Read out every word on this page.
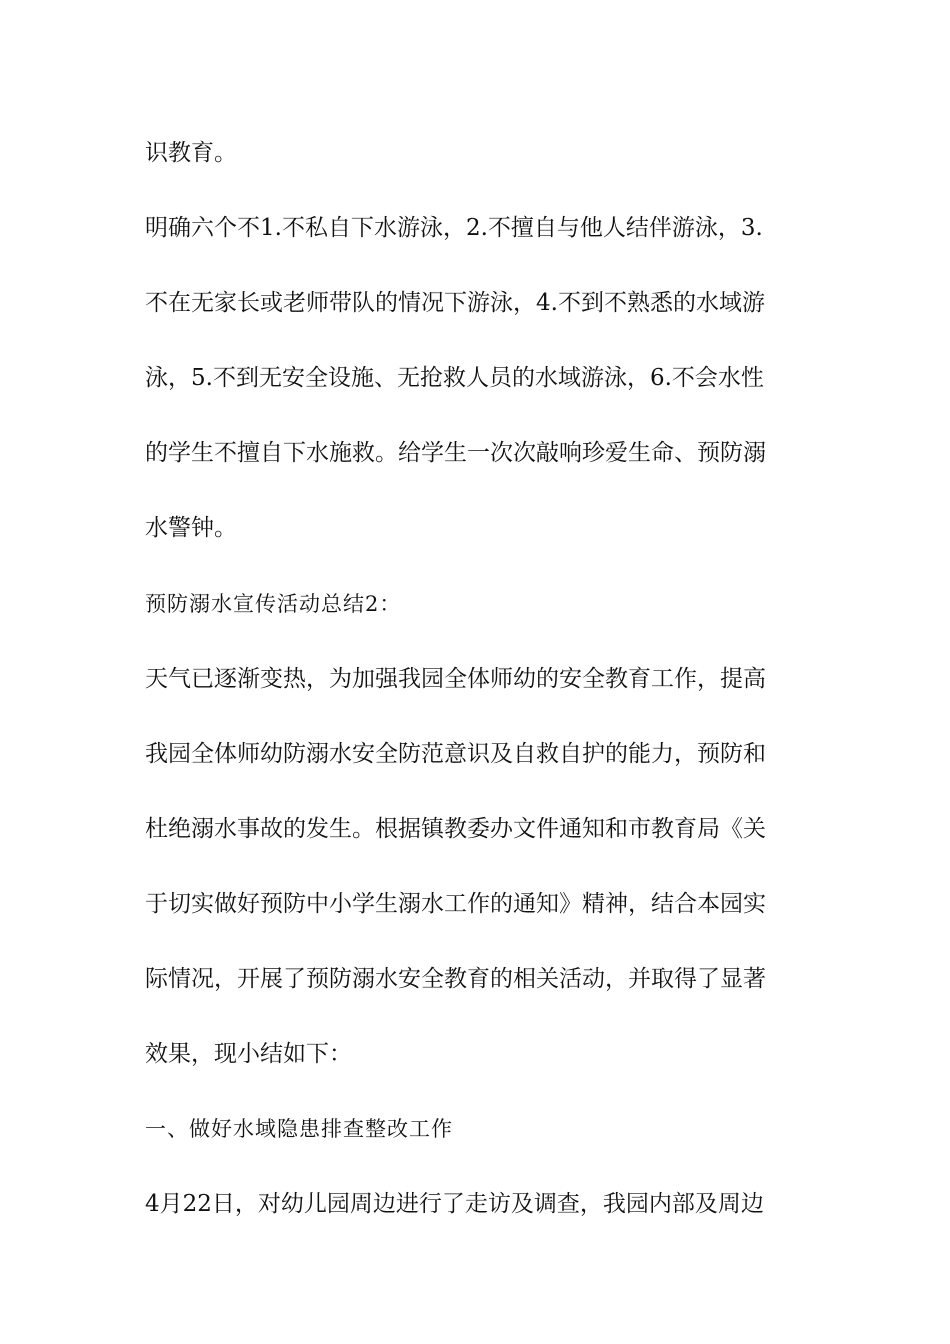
识教育。
明确六个不1.不私自下水游泳，2.不擅自与他人结伴游泳，3.
不在无家长或老师带队的情况下游泳，4.不到不熟悉的水域游
泳，5.不到无安全设施、无抢救人员的水域游泳，6.不会水性
的学生不擅自下水施救。给学生一次次敲响珍爱生命、预防溺
水警钟。
预防溺水宣传活动总结2：
天气已逐渐变热，为加强我园全体师幼的安全教育工作，提高
我园全体师幼防溺水安全防范意识及自救自护的能力，预防和
杜绝溺水事故的发生。根据镇教委办文件通知和市教育局《关
于切实做好预防中小学生溺水工作的通知》精神，结合本园实
际情况，开展了预防溺水安全教育的相关活动，并取得了显著
效果，现小结如下：
一、做好水域隐患排查整改工作
4月22日，对幼儿园周边进行了走访及调查，我园内部及周边
